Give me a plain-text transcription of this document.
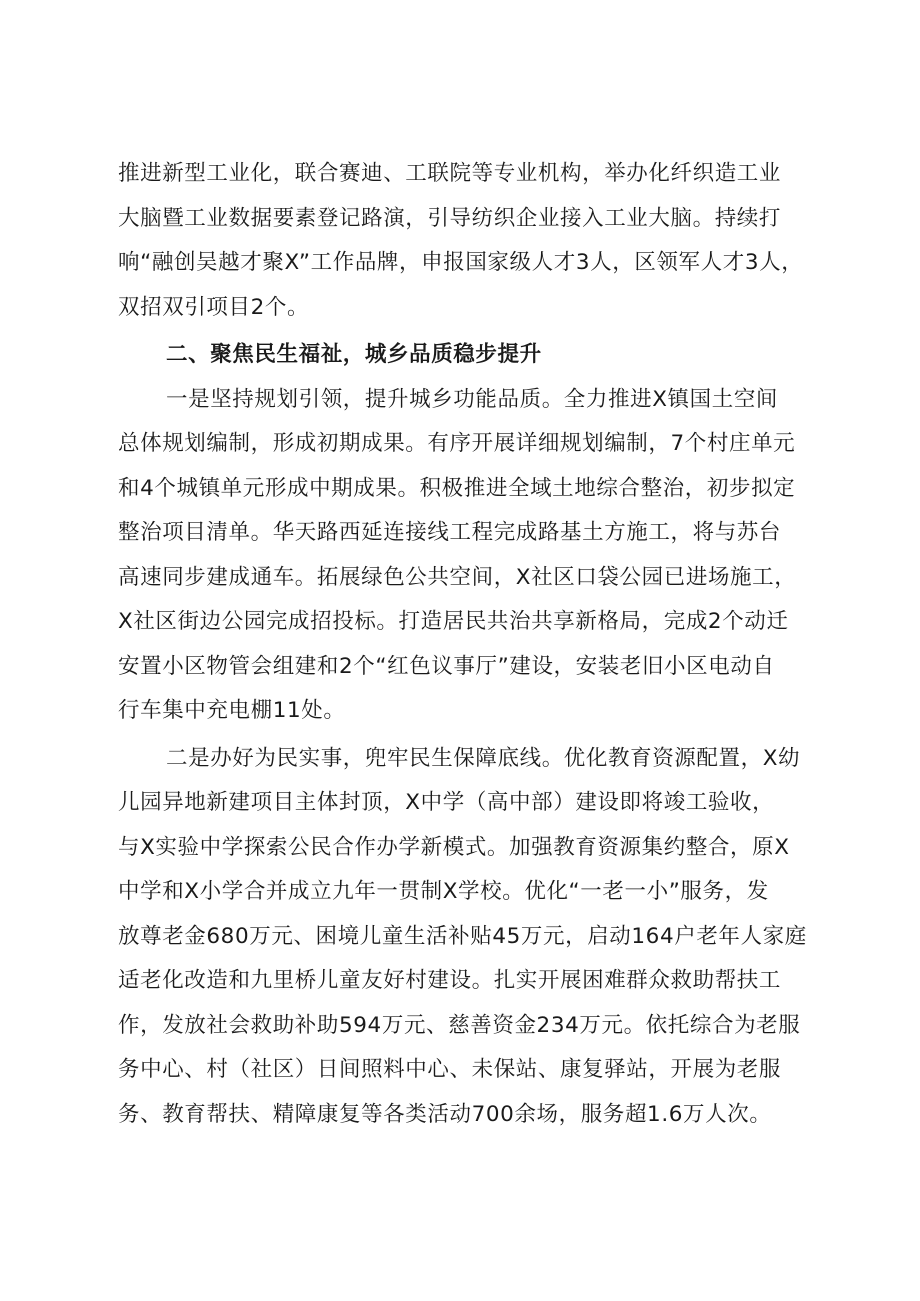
推进新型工业化，联合赛迪、工联院等专业机构，举办化纤织造工业
大脑暨工业数据要素登记路演，引导纺织企业接入工业大脑。持续打
响“融创吴越才聚X”工作品牌，申报国家级人才3人，区领军人才3人，
双招双引项目2个。
二、聚焦民生福祉，城乡品质稳步提升
一是坚持规划引领，提升城乡功能品质。全力推进X镇国土空间
总体规划编制，形成初期成果。有序开展详细规划编制，7个村庄单元
和4个城镇单元形成中期成果。积极推进全域土地综合整治，初步拟定
整治项目清单。华天路西延连接线工程完成路基土方施工，将与苏台
高速同步建成通车。拓展绿色公共空间，X社区口袋公园已进场施工，
X社区街边公园完成招投标。打造居民共治共享新格局，完成2个动迁
安置小区物管会组建和2个“红色议事厅”建设，安装老旧小区电动自
行车集中充电棚11处。
二是办好为民实事，兜牢民生保障底线。优化教育资源配置，X幼
儿园异地新建项目主体封顶，X中学（高中部）建设即将竣工验收，
与X实验中学探索公民合作办学新模式。加强教育资源集约整合，原X
中学和X小学合并成立九年一贯制X学校。优化“一老一小”服务，发
放尊老金680万元、困境儿童生活补贴45万元，启动164户老年人家庭
适老化改造和九里桥儿童友好村建设。扎实开展困难群众救助帮扶工
作，发放社会救助补助594万元、慈善资金234万元。依托综合为老服
务中心、村（社区）日间照料中心、未保站、康复驿站，开展为老服
务、教育帮扶、精障康复等各类活动700余场，服务超1.6万人次。
